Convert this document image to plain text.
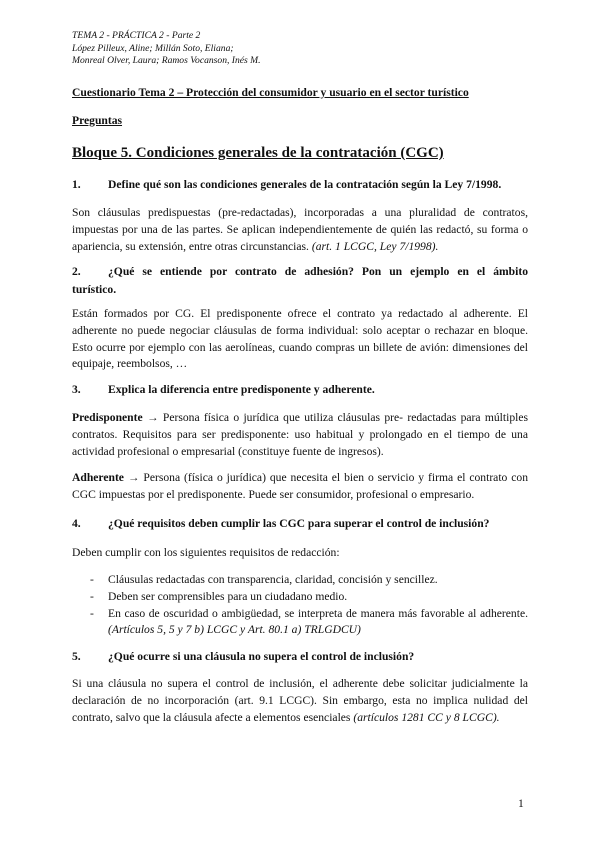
TEMA 2 - PRÁCTICA 2 - Parte 2
López Pilleux, Aline; Millán Soto, Eliana;
Monreal Olver, Laura; Ramos Vocanson, Inés M.
Cuestionario Tema 2 – Protección del consumidor y usuario en el sector turístico
Preguntas
Bloque 5. Condiciones generales de la contratación (CGC)
1. Define qué son las condiciones generales de la contratación según la Ley 7/1998.
Son cláusulas predispuestas (pre-redactadas), incorporadas a una pluralidad de contratos, impuestas por una de las partes. Se aplican independientemente de quién las redactó, su forma o apariencia, su extensión, entre otras circunstancias. (art. 1 LCGC, Ley 7/1998).
2. ¿Qué se entiende por contrato de adhesión? Pon un ejemplo en el ámbito
turístico.
Están formados por CG. El predisponente ofrece el contrato ya redactado al adherente. El adherente no puede negociar cláusulas de forma individual: solo aceptar o rechazar en bloque. Esto ocurre por ejemplo con las aerolíneas, cuando compras un billete de avión: dimensiones del equipaje, reembolsos, …
3. Explica la diferencia entre predisponente y adherente.
Predisponente → Persona física o jurídica que utiliza cláusulas pre- redactadas para múltiples contratos. Requisitos para ser predisponente: uso habitual y prolongado en el tiempo de una actividad profesional o empresarial (constituye fuente de ingresos).
Adherente → Persona (física o jurídica) que necesita el bien o servicio y firma el contrato con CGC impuestas por el predisponente. Puede ser consumidor, profesional o empresario.
4. ¿Qué requisitos deben cumplir las CGC para superar el control de inclusión?
Deben cumplir con los siguientes requisitos de redacción:
- Cláusulas redactadas con transparencia, claridad, concisión y sencillez.
- Deben ser comprensibles para un ciudadano medio.
- En caso de oscuridad o ambigüedad, se interpreta de manera más favorable al adherente. (Artículos 5, 5 y 7 b) LCGC y Art. 80.1 a) TRLGDCU)
5. ¿Qué ocurre si una cláusula no supera el control de inclusión?
Si una cláusula no supera el control de inclusión, el adherente debe solicitar judicialmente la declaración de no incorporación (art. 9.1 LCGC). Sin embargo, esta no implica nulidad del contrato, salvo que la cláusula afecte a elementos esenciales (artículos 1281 CC y 8 LCGC).
1
